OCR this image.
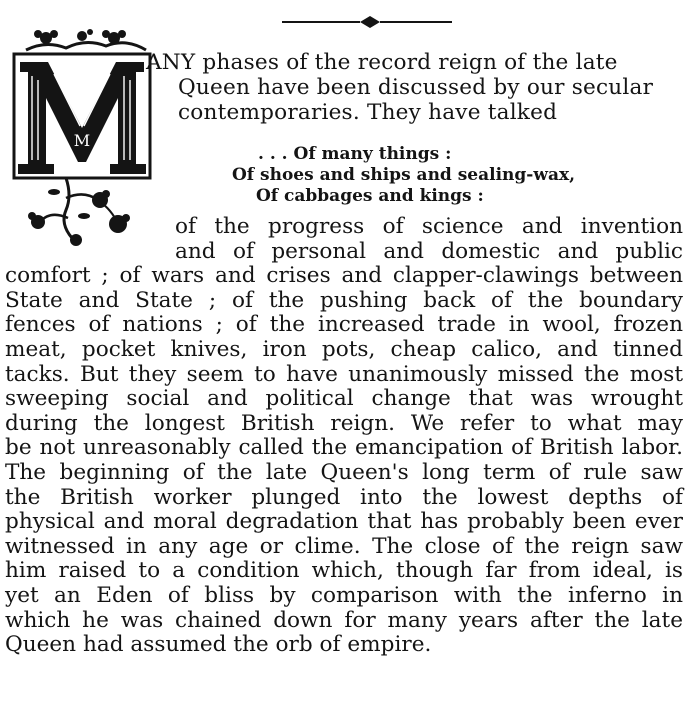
M
ANY phases of the record reign of the late
Queen have been discussed by our secular
contemporaries. They have talked
. . . Of many things :
Of shoes and ships and sealing-wax,
Of cabbages and kings :
of the progress of science and invention
and of personal and domestic and public
comfort ; of wars and crises and clapper-clawings between
State and State ; of the pushing back of the boundary
fences of nations ; of the increased trade in wool, frozen
meat, pocket knives, iron pots, cheap calico, and tinned
tacks. But they seem to have unanimously missed the most
sweeping social and political change that was wrought
during the longest British reign. We refer to what may
be not unreasonably called the emancipation of British labor.
The beginning of the late Queen's long term of rule saw
the British worker plunged into the lowest depths of
physical and moral degradation that has probably been ever
witnessed in any age or clime. The close of the reign saw
him raised to a condition which, though far from ideal, is
yet an Eden of bliss by comparison with the inferno in
which he was chained down for many years after the late
Queen had assumed the orb of empire.
